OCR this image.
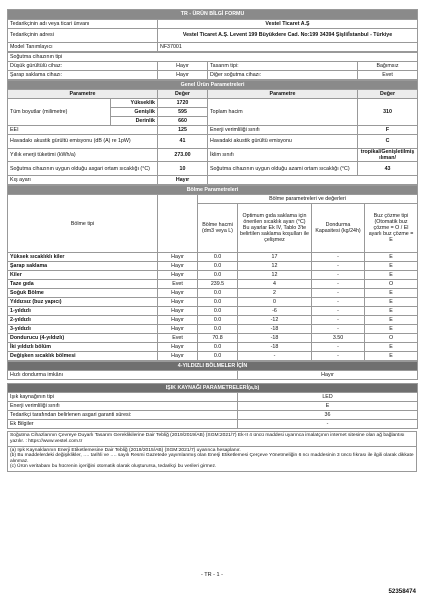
TR - ÜRÜN BİLGİ FORMU	
Tedarikçinin adı veya ticari ünvanı	Vestel Ticaret A.Ş
Tedarikçinin adresi	Vestel Ticaret A.Ş. Levent 199 Büyükdere Cad. No:199 34394 Şişli/İstanbul - Türkiye
Model Tanımlayıcı	NF37001
Soğutma cihazının tipi			
Düşük gürültülü cihaz:	Hayır	Tasarım tipi:	Bağımsız
Şarap saklama cihazı:	Hayır	Diğer soğutma cihazı:	Evet
Genel Ürün Parametreleri				
Parametre		Değer	Parametre	Değer
Tüm boyutlar (milimetre)	Yükseklik	1720	Toplam hacim	310
	Genişlik	595		
	Derinlik	660		
EEI		125	Enerji verimliliği sınıfı	F
Havadakı akustik gürültü emisyonu (dB (A) re 1pW)		41	Havadaki akustik gürültü emisyonu	C
Yıllık enerji tüketimi (kWh/a)		273.00	İklim sınıfı	tropikal/Genişletilmiş ılıman/
Soğutma cihazının uygun olduğu asgari ortam sıcaklığı (°C)		10	Soğutma cihazının uygun olduğu azami ortam sıcaklığı (°C)	43
Kış ayarı		Hayır		
Bölme Parametreleri					
Bölme tipi		Bölme parametreleri ve değerleri			
		Bölme hacmi (dm3 veya L)	Optimum gıda saklama için önerilen sıcaklık ayarı (°C) Bu ayarlar Ek IV, Tablo 3'te belirtilen saklama koşulları ile çelişmez	Dondurma Kapasitesi (kg/24h)	Buz çözme tipi (Otomatik buz çözme = O / El ayarlı buz çözme = E
Yüksek sıcaklıklı kiler	Hayır	0.0	17	-	E
Şarap saklama	Hayır	0.0	12	-	E
Kiler	Hayır	0.0	12	-	E
Taze gıda	Evet	239.5	4	-	O
Soğuk Bölme	Hayır	0.0	2	-	E
Yıldızsız (buz yapıcı)	Hayır	0.0	0	-	E
1-yıldızlı	Hayır	0.0	-6	-	E
2-yıldızlı	Hayır	0.0	-12	-	E
3-yıldızlı	Hayır	0.0	-18	-	E
Dondurucu (4-yıldızlı)	Evet	70.8	-18	3.50	O
İki yıldızlı bölüm	Hayır	0.0	-18	-	E
Değişken sıcaklık bölmesi	Hayır	0.0	-	-	E
4-YILDIZLI BÖLMELER İÇİN
Hızlı dondurma imkânı	Hayır
IŞIK KAYNAĞI PARAMETRELERİ(a,b)	
Işık kaynağının tipi	LED
Enerji verimliliği sınıfı	E
Tedarikçi tarafından belirlenen asgari garanti süresi:	36
Ek Bilgiler	-
Soğutma Cihazlarının Çevreye Duyarlı Tasarım Gereklikilerine Dair Tebliğ (2019/2019/AB) (SGM:2021/7) Ek-II 4 üncü maddesi uyarınca imalatçının internet sitesine olan ağ bağlantısı yazılır. : https://www.vestel.com.tr
(a) Işık Kaynaklarının Enerji Etiketlemesine Dair Tebliğ (2019/2015/AB) (SGM:2021/7) uyarınca hesaplanır.
(b) Bu maddelerdeki değişiklikler, …. tarihli ve …. sayılı Resmi Gazetede yayımlanmış olan Enerji Etiketlemesi Çerçeve Yönetmeliğin 6 ncı maddesinin 3 üncü fıkrası ile ilgili olarak dikkate alınmaz.
(c) Ürün veritabanı bu hücrenin içeriğini otomatik olarak oluşturursa, tedarikçi bu verileri girmez.
- TR - 1 -
52358474
